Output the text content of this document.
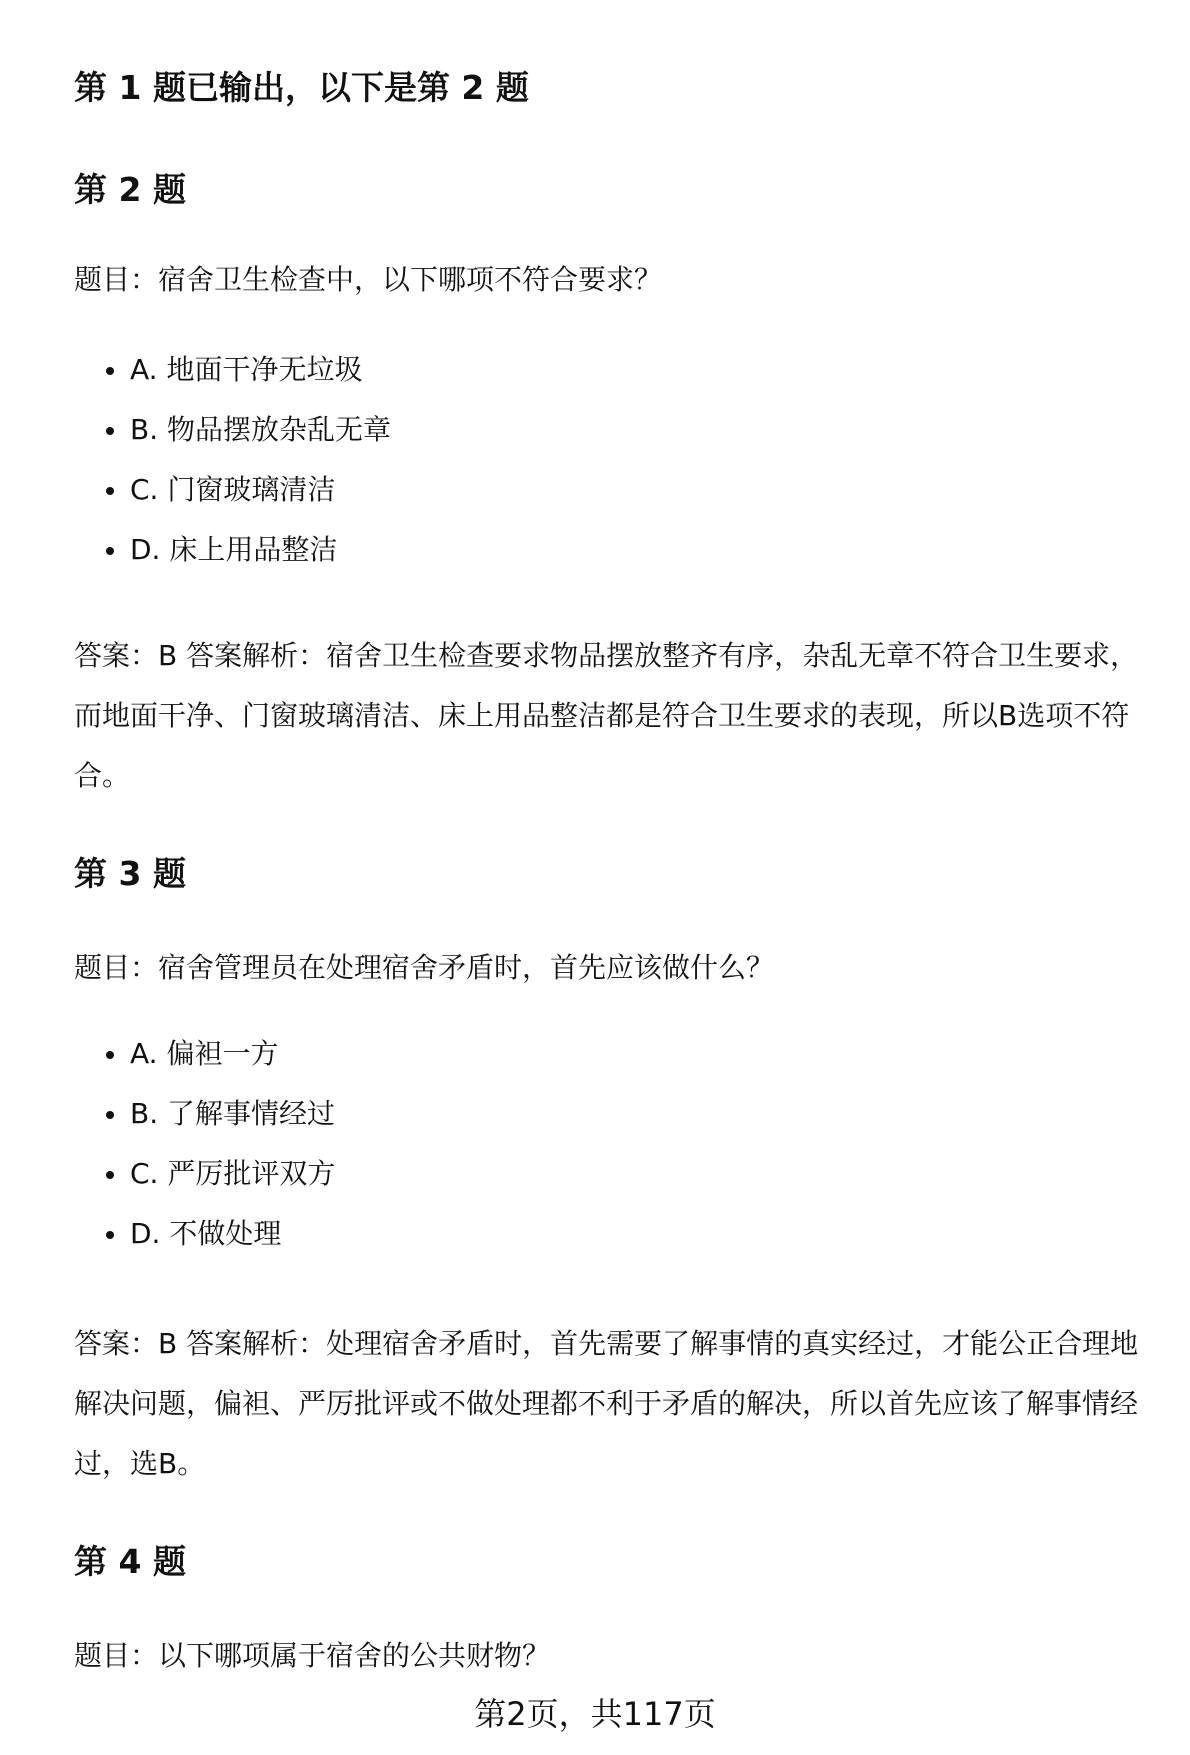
第 1 题已输出，以下是第 2 题
第 2 题
题目：宿舍卫生检查中，以下哪项不符合要求？
A. 地面干净无垃圾
B. 物品摆放杂乱无章
C. 门窗玻璃清洁
D. 床上用品整洁
答案：B 答案解析：宿舍卫生检查要求物品摆放整齐有序，杂乱无章不符合卫生要求，而地面干净、门窗玻璃清洁、床上用品整洁都是符合卫生要求的表现，所以B选项不符合。
第 3 题
题目：宿舍管理员在处理宿舍矛盾时，首先应该做什么？
A. 偏袒一方
B. 了解事情经过
C. 严厉批评双方
D. 不做处理
答案：B 答案解析：处理宿舍矛盾时，首先需要了解事情的真实经过，才能公正合理地解决问题，偏袒、严厉批评或不做处理都不利于矛盾的解决，所以首先应该了解事情经过，选B。
第 4 题
题目：以下哪项属于宿舍的公共财物？
第2页，共117页
